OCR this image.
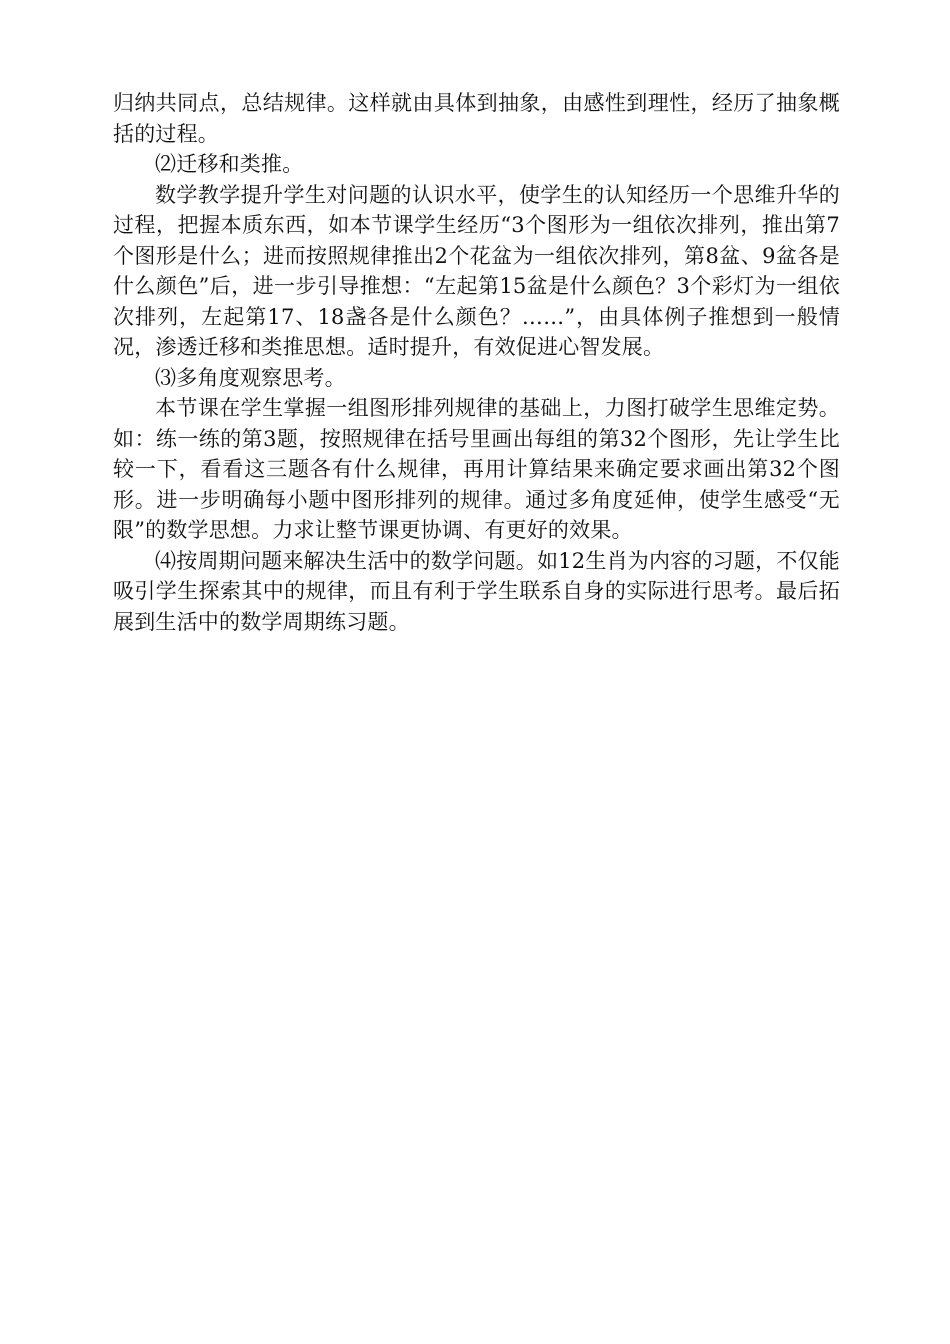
归纳共同点，总结规律。这样就由具体到抽象，由感性到理性，经历了抽象概括的过程。

⑵迁移和类推。

数学教学提升学生对问题的认识水平，使学生的认知经历一个思维升华的过程，把握本质东西，如本节课学生经历“3个图形为一组依次排列，推出第7个图形是什么；进而按照规律推出2个花盆为一组依次排列，第8盆、9盆各是什么颜色”后，进一步引导推想：“左起第15盆是什么颜色？3个彩灯为一组依次排列，左起第17、18盏各是什么颜色？……”，由具体例子推想到一般情况，渗透迁移和类推思想。适时提升，有效促进心智发展。

⑶多角度观察思考。

本节课在学生掌握一组图形排列规律的基础上，力图打破学生思维定势。如：练一练的第3题，按照规律在括号里画出每组的第32个图形，先让学生比较一下，看看这三题各有什么规律，再用计算结果来确定要求画出第32个图形。进一步明确每小题中图形排列的规律。通过多角度延伸，使学生感受“无限”的数学思想。力求让整节课更协调、有更好的效果。

⑷按周期问题来解决生活中的数学问题。如12生肖为内容的习题，不仅能吸引学生探索其中的规律，而且有利于学生联系自身的实际进行思考。最后拓展到生活中的数学周期练习题。
